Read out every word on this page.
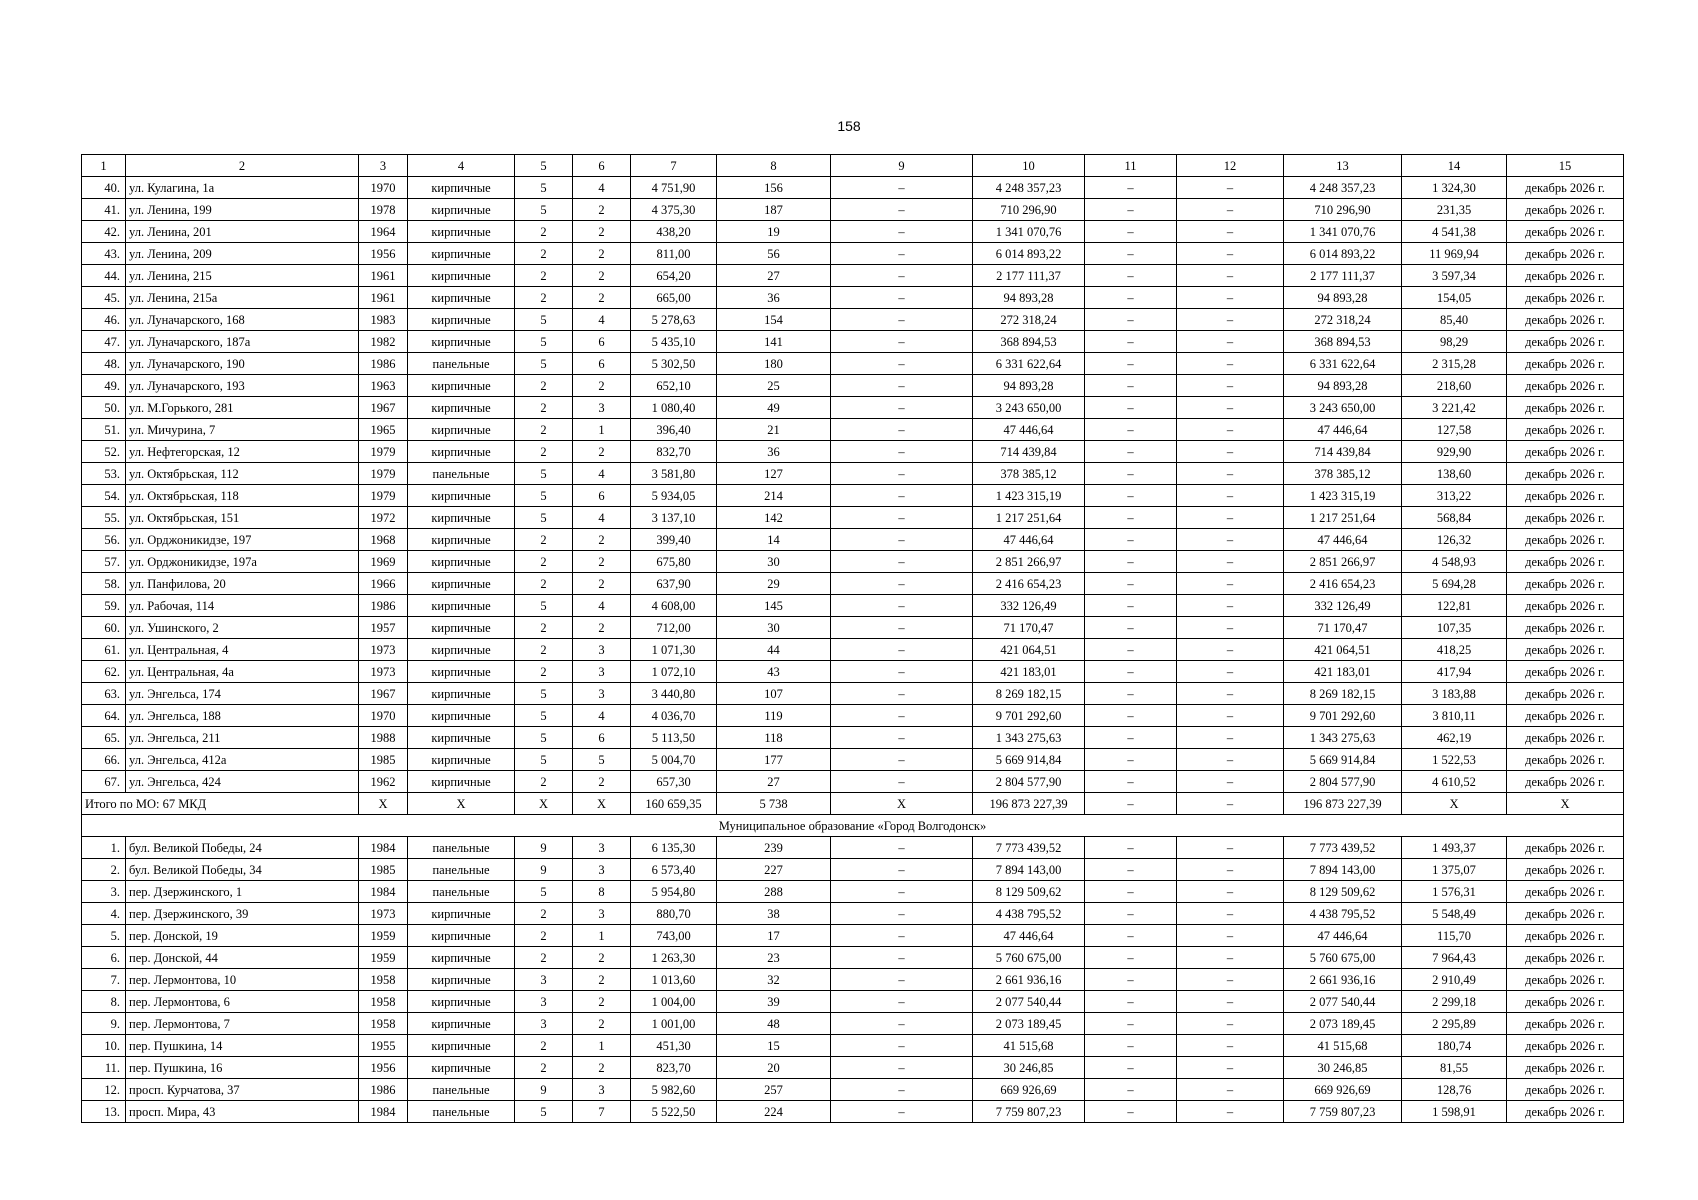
158
1	2	3	4	5	6	7	8	9	10	11	12	13	14	15
40.	ул. Кулагина, 1а	1970	кирпичные	5	4	4 751,90	156	–	4 248 357,23	–	–	4 248 357,23	1 324,30	декабрь 2026 г.
41.	ул. Ленина, 199	1978	кирпичные	5	2	4 375,30	187	–	710 296,90	–	–	710 296,90	231,35	декабрь 2026 г.
42.	ул. Ленина, 201	1964	кирпичные	2	2	438,20	19	–	1 341 070,76	–	–	1 341 070,76	4 541,38	декабрь 2026 г.
43.	ул. Ленина, 209	1956	кирпичные	2	2	811,00	56	–	6 014 893,22	–	–	6 014 893,22	11 969,94	декабрь 2026 г.
44.	ул. Ленина, 215	1961	кирпичные	2	2	654,20	27	–	2 177 111,37	–	–	2 177 111,37	3 597,34	декабрь 2026 г.
45.	ул. Ленина, 215а	1961	кирпичные	2	2	665,00	36	–	94 893,28	–	–	94 893,28	154,05	декабрь 2026 г.
46.	ул. Луначарского, 168	1983	кирпичные	5	4	5 278,63	154	–	272 318,24	–	–	272 318,24	85,40	декабрь 2026 г.
47.	ул. Луначарского, 187а	1982	кирпичные	5	6	5 435,10	141	–	368 894,53	–	–	368 894,53	98,29	декабрь 2026 г.
48.	ул. Луначарского, 190	1986	панельные	5	6	5 302,50	180	–	6 331 622,64	–	–	6 331 622,64	2 315,28	декабрь 2026 г.
49.	ул. Луначарского, 193	1963	кирпичные	2	2	652,10	25	–	94 893,28	–	–	94 893,28	218,60	декабрь 2026 г.
50.	ул. М.Горького, 281	1967	кирпичные	2	3	1 080,40	49	–	3 243 650,00	–	–	3 243 650,00	3 221,42	декабрь 2026 г.
51.	ул. Мичурина, 7	1965	кирпичные	2	1	396,40	21	–	47 446,64	–	–	47 446,64	127,58	декабрь 2026 г.
52.	ул. Нефтегорская, 12	1979	кирпичные	2	2	832,70	36	–	714 439,84	–	–	714 439,84	929,90	декабрь 2026 г.
53.	ул. Октябрьская, 112	1979	панельные	5	4	3 581,80	127	–	378 385,12	–	–	378 385,12	138,60	декабрь 2026 г.
54.	ул. Октябрьская, 118	1979	кирпичные	5	6	5 934,05	214	–	1 423 315,19	–	–	1 423 315,19	313,22	декабрь 2026 г.
55.	ул. Октябрьская, 151	1972	кирпичные	5	4	3 137,10	142	–	1 217 251,64	–	–	1 217 251,64	568,84	декабрь 2026 г.
56.	ул. Орджоникидзе, 197	1968	кирпичные	2	2	399,40	14	–	47 446,64	–	–	47 446,64	126,32	декабрь 2026 г.
57.	ул. Орджоникидзе, 197а	1969	кирпичные	2	2	675,80	30	–	2 851 266,97	–	–	2 851 266,97	4 548,93	декабрь 2026 г.
58.	ул. Панфилова, 20	1966	кирпичные	2	2	637,90	29	–	2 416 654,23	–	–	2 416 654,23	5 694,28	декабрь 2026 г.
59.	ул. Рабочая, 114	1986	кирпичные	5	4	4 608,00	145	–	332 126,49	–	–	332 126,49	122,81	декабрь 2026 г.
60.	ул. Ушинского, 2	1957	кирпичные	2	2	712,00	30	–	71 170,47	–	–	71 170,47	107,35	декабрь 2026 г.
61.	ул. Центральная, 4	1973	кирпичные	2	3	1 071,30	44	–	421 064,51	–	–	421 064,51	418,25	декабрь 2026 г.
62.	ул. Центральная, 4а	1973	кирпичные	2	3	1 072,10	43	–	421 183,01	–	–	421 183,01	417,94	декабрь 2026 г.
63.	ул. Энгельса, 174	1967	кирпичные	5	3	3 440,80	107	–	8 269 182,15	–	–	8 269 182,15	3 183,88	декабрь 2026 г.
64.	ул. Энгельса, 188	1970	кирпичные	5	4	4 036,70	119	–	9 701 292,60	–	–	9 701 292,60	3 810,11	декабрь 2026 г.
65.	ул. Энгельса, 211	1988	кирпичные	5	6	5 113,50	118	–	1 343 275,63	–	–	1 343 275,63	462,19	декабрь 2026 г.
66.	ул. Энгельса, 412а	1985	кирпичные	5	5	5 004,70	177	–	5 669 914,84	–	–	5 669 914,84	1 522,53	декабрь 2026 г.
67.	ул. Энгельса, 424	1962	кирпичные	2	2	657,30	27	–	2 804 577,90	–	–	2 804 577,90	4 610,52	декабрь 2026 г.
Итого по МО: 67 МКД		Х	Х	Х	Х	160 659,35	5 738	Х	196 873 227,39	–	–	196 873 227,39	Х	Х
Муниципальное образование «Город Волгодонск»														
1.	бул. Великой Победы, 24	1984	панельные	9	3	6 135,30	239	–	7 773 439,52	–	–	7 773 439,52	1 493,37	декабрь 2026 г.
2.	бул. Великой Победы, 34	1985	панельные	9	3	6 573,40	227	–	7 894 143,00	–	–	7 894 143,00	1 375,07	декабрь 2026 г.
3.	пер. Дзержинского, 1	1984	панельные	5	8	5 954,80	288	–	8 129 509,62	–	–	8 129 509,62	1 576,31	декабрь 2026 г.
4.	пер. Дзержинского, 39	1973	кирпичные	2	3	880,70	38	–	4 438 795,52	–	–	4 438 795,52	5 548,49	декабрь 2026 г.
5.	пер. Донской, 19	1959	кирпичные	2	1	743,00	17	–	47 446,64	–	–	47 446,64	115,70	декабрь 2026 г.
6.	пер. Донской, 44	1959	кирпичные	2	2	1 263,30	23	–	5 760 675,00	–	–	5 760 675,00	7 964,43	декабрь 2026 г.
7.	пер. Лермонтова, 10	1958	кирпичные	3	2	1 013,60	32	–	2 661 936,16	–	–	2 661 936,16	2 910,49	декабрь 2026 г.
8.	пер. Лермонтова, 6	1958	кирпичные	3	2	1 004,00	39	–	2 077 540,44	–	–	2 077 540,44	2 299,18	декабрь 2026 г.
9.	пер. Лермонтова, 7	1958	кирпичные	3	2	1 001,00	48	–	2 073 189,45	–	–	2 073 189,45	2 295,89	декабрь 2026 г.
10.	пер. Пушкина, 14	1955	кирпичные	2	1	451,30	15	–	41 515,68	–	–	41 515,68	180,74	декабрь 2026 г.
11.	пер. Пушкина, 16	1956	кирпичные	2	2	823,70	20	–	30 246,85	–	–	30 246,85	81,55	декабрь 2026 г.
12.	просп. Курчатова, 37	1986	панельные	9	3	5 982,60	257	–	669 926,69	–	–	669 926,69	128,76	декабрь 2026 г.
13.	просп. Мира, 43	1984	панельные	5	7	5 522,50	224	–	7 759 807,23	–	–	7 759 807,23	1 598,91	декабрь 2026 г.
